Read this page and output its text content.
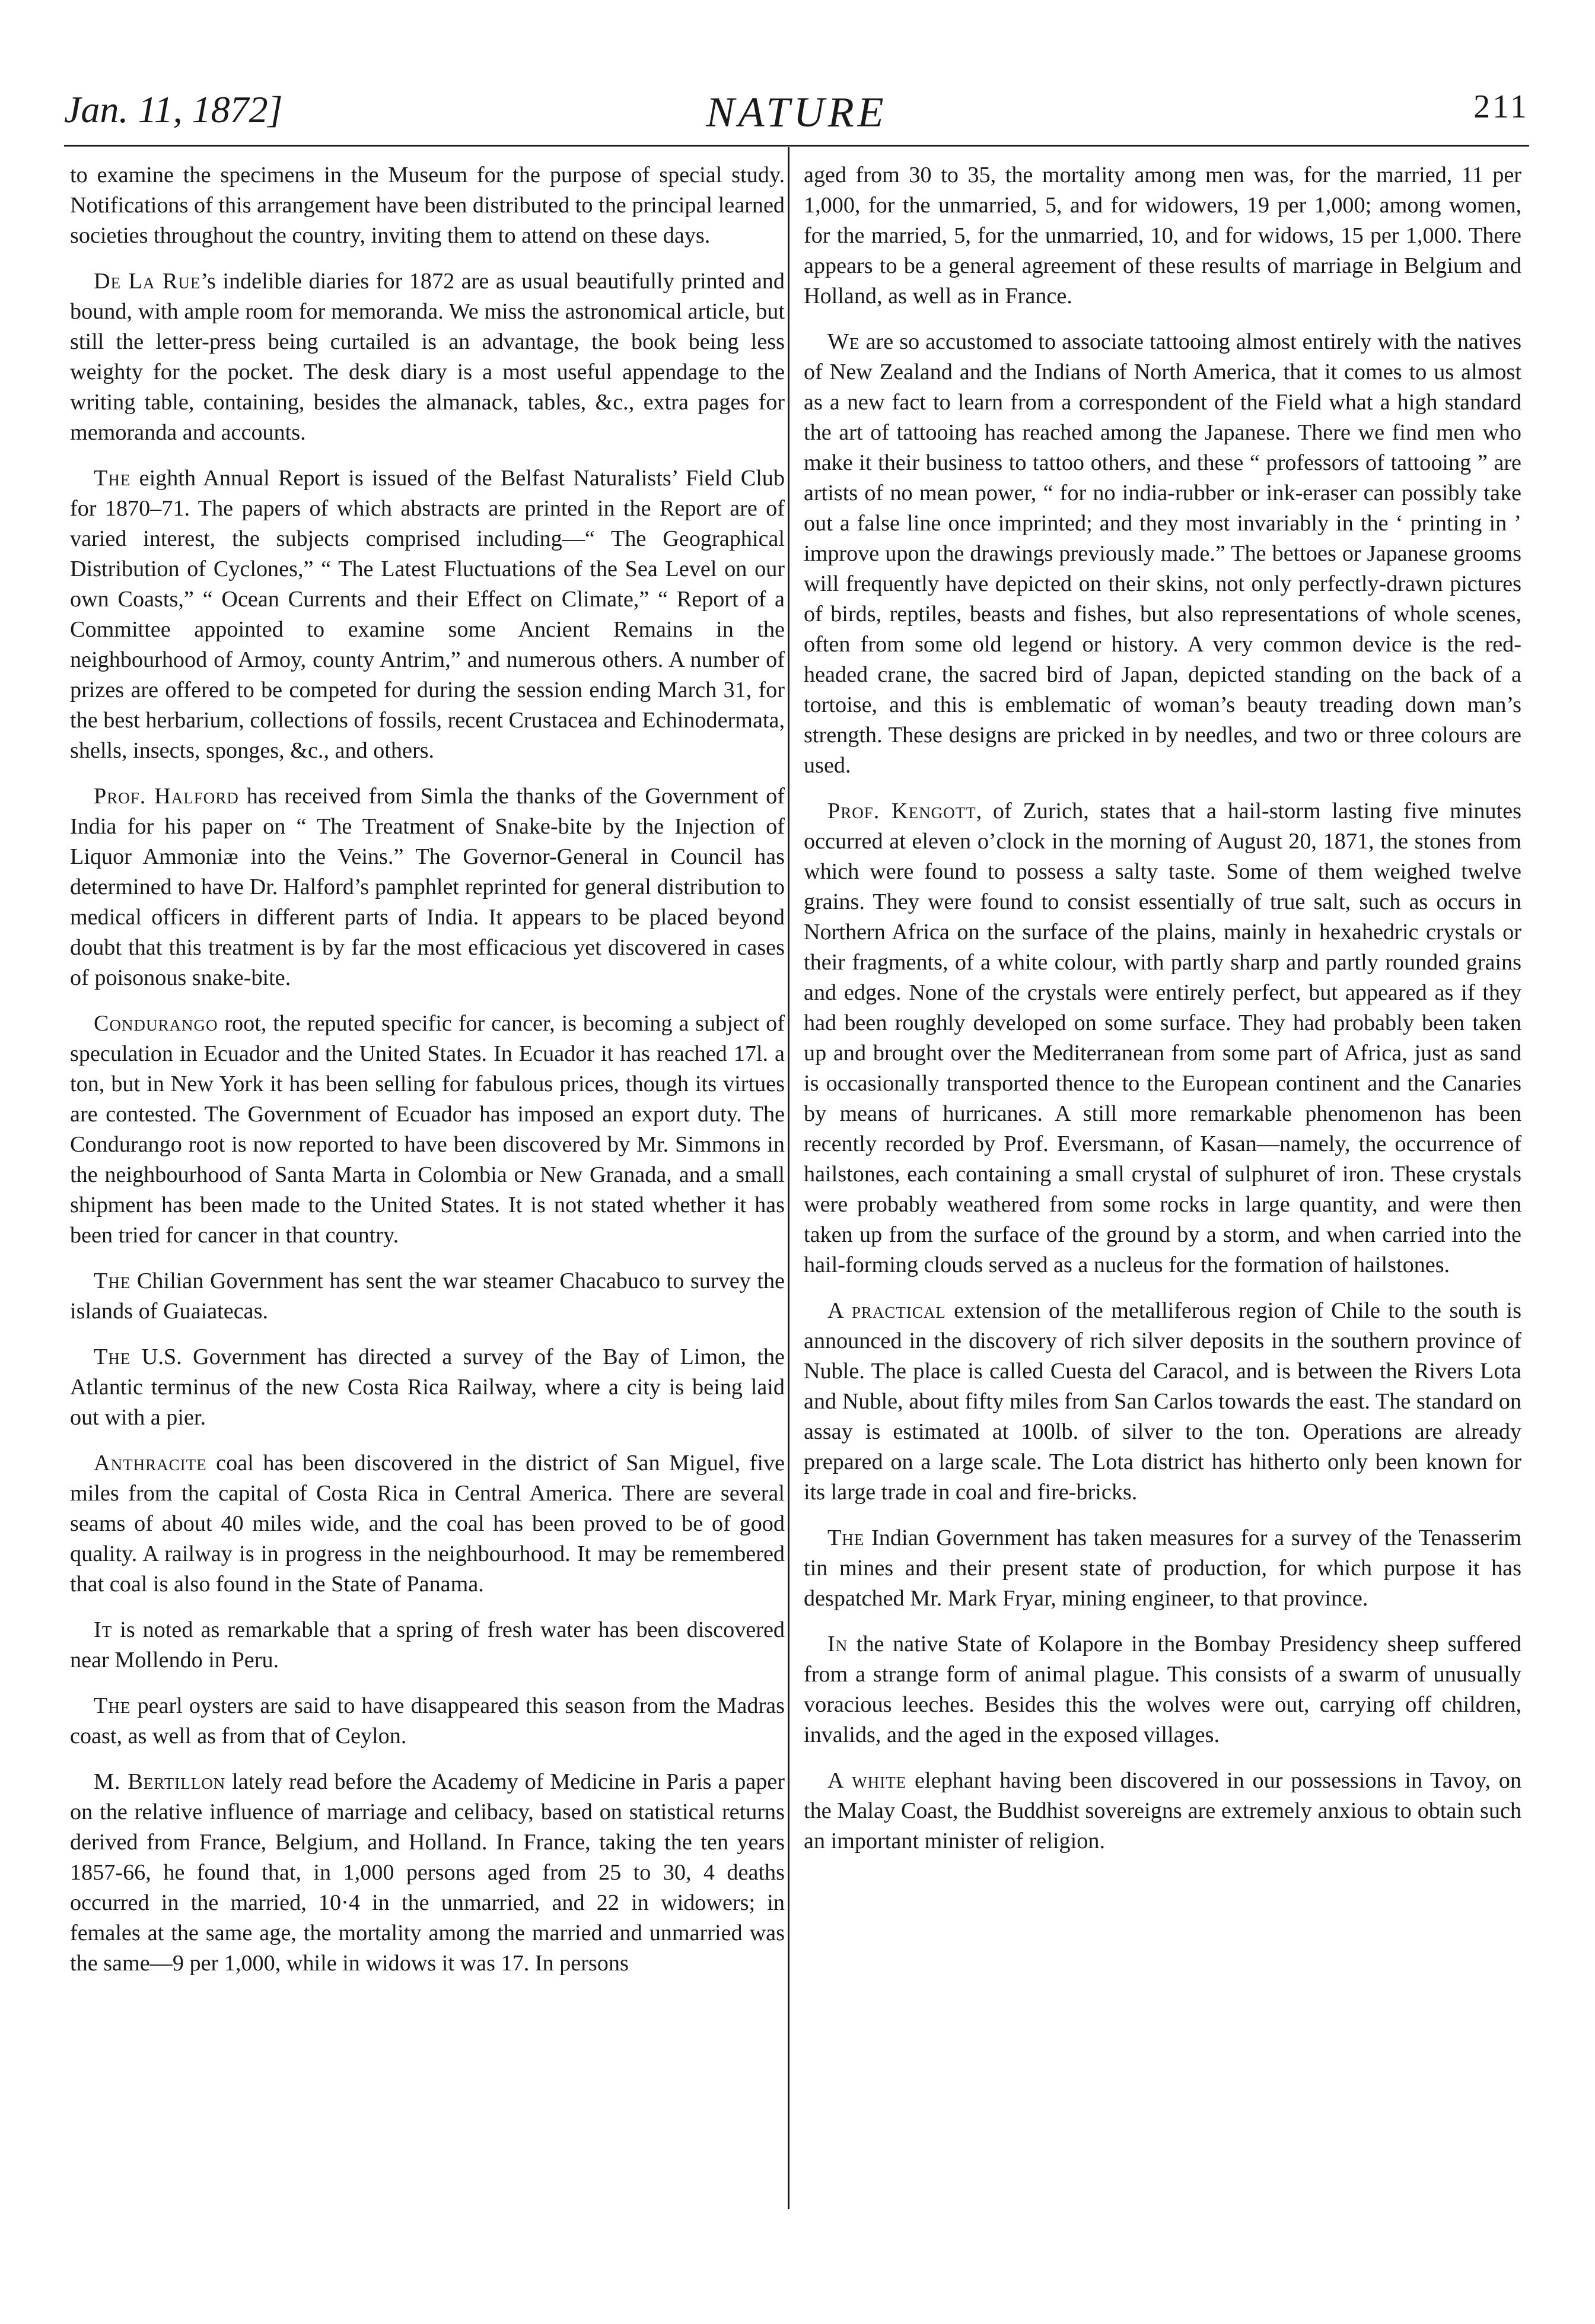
Jan. 11, 1872]	NATURE	211

to examine the specimens in the Museum for the purpose of special study. Notifications of this arrangement have been distributed to the principal learned societies throughout the country, inviting them to attend on these days.

De La Rue’s indelible diaries for 1872 are as usual beautifully printed and bound, with ample room for memoranda. We miss the astronomical article, but still the letter-press being curtailed is an advantage, the book being less weighty for the pocket. The desk diary is a most useful appendage to the writing table, containing, besides the almanack, tables, &c., extra pages for memoranda and accounts.

The eighth Annual Report is issued of the Belfast Naturalists’ Field Club for 1870–71. The papers of which abstracts are printed in the Report are of varied interest, the subjects comprised including—“ The Geographical Distribution of Cyclones,” “ The Latest Fluctuations of the Sea Level on our own Coasts,” “ Ocean Currents and their Effect on Climate,” “ Report of a Committee appointed to examine some Ancient Remains in the neighbourhood of Armoy, county Antrim,” and numerous others. A number of prizes are offered to be competed for during the session ending March 31, for the best herbarium, collections of fossils, recent Crustacea and Echinodermata, shells, insects, sponges, &c., and others.

Prof. Halford has received from Simla the thanks of the Government of India for his paper on “ The Treatment of Snake-bite by the Injection of Liquor Ammoniæ into the Veins.” The Governor-General in Council has determined to have Dr. Halford’s pamphlet reprinted for general distribution to medical officers in different parts of India. It appears to be placed beyond doubt that this treatment is by far the most efficacious yet discovered in cases of poisonous snake-bite.

Condurango root, the reputed specific for cancer, is becoming a subject of speculation in Ecuador and the United States. In Ecuador it has reached 17l. a ton, but in New York it has been selling for fabulous prices, though its virtues are contested. The Government of Ecuador has imposed an export duty. The Condurango root is now reported to have been discovered by Mr. Simmons in the neighbourhood of Santa Marta in Colombia or New Granada, and a small shipment has been made to the United States. It is not stated whether it has been tried for cancer in that country.

The Chilian Government has sent the war steamer Chacabuco to survey the islands of Guaiatecas.

The U.S. Government has directed a survey of the Bay of Limon, the Atlantic terminus of the new Costa Rica Railway, where a city is being laid out with a pier.

Anthracite coal has been discovered in the district of San Miguel, five miles from the capital of Costa Rica in Central America. There are several seams of about 40 miles wide, and the coal has been proved to be of good quality. A railway is in progress in the neighbourhood. It may be remembered that coal is also found in the State of Panama.

It is noted as remarkable that a spring of fresh water has been discovered near Mollendo in Peru.

The pearl oysters are said to have disappeared this season from the Madras coast, as well as from that of Ceylon.

M. Bertillon lately read before the Academy of Medicine in Paris a paper on the relative influence of marriage and celibacy, based on statistical returns derived from France, Belgium, and Holland. In France, taking the ten years 1857-66, he found that, in 1,000 persons aged from 25 to 30, 4 deaths occurred in the married, 10·4 in the unmarried, and 22 in widowers; in females at the same age, the mortality among the married and unmarried was the same—9 per 1,000, while in widows it was 17. In persons

aged from 30 to 35, the mortality among men was, for the married, 11 per 1,000, for the unmarried, 5, and for widowers, 19 per 1,000; among women, for the married, 5, for the unmarried, 10, and for widows, 15 per 1,000. There appears to be a general agreement of these results of marriage in Belgium and Holland, as well as in France.

We are so accustomed to associate tattooing almost entirely with the natives of New Zealand and the Indians of North America, that it comes to us almost as a new fact to learn from a correspondent of the Field what a high standard the art of tattooing has reached among the Japanese. There we find men who make it their business to tattoo others, and these “ professors of tattooing ” are artists of no mean power, “ for no india-rubber or ink-eraser can possibly take out a false line once imprinted; and they most invariably in the ‘ printing in ’ improve upon the drawings previously made.” The bettoes or Japanese grooms will frequently have depicted on their skins, not only perfectly-drawn pictures of birds, reptiles, beasts and fishes, but also representations of whole scenes, often from some old legend or history. A very common device is the red-headed crane, the sacred bird of Japan, depicted standing on the back of a tortoise, and this is emblematic of woman’s beauty treading down man’s strength. These designs are pricked in by needles, and two or three colours are used.

Prof. Kengott, of Zurich, states that a hail-storm lasting five minutes occurred at eleven o’clock in the morning of August 20, 1871, the stones from which were found to possess a salty taste. Some of them weighed twelve grains. They were found to consist essentially of true salt, such as occurs in Northern Africa on the surface of the plains, mainly in hexahedric crystals or their fragments, of a white colour, with partly sharp and partly rounded grains and edges. None of the crystals were entirely perfect, but appeared as if they had been roughly developed on some surface. They had probably been taken up and brought over the Mediterranean from some part of Africa, just as sand is occasionally transported thence to the European continent and the Canaries by means of hurricanes. A still more remarkable phenomenon has been recently recorded by Prof. Eversmann, of Kasan—namely, the occurrence of hailstones, each containing a small crystal of sulphuret of iron. These crystals were probably weathered from some rocks in large quantity, and were then taken up from the surface of the ground by a storm, and when carried into the hail-forming clouds served as a nucleus for the formation of hailstones.

A practical extension of the metalliferous region of Chile to the south is announced in the discovery of rich silver deposits in the southern province of Nuble. The place is called Cuesta del Caracol, and is between the Rivers Lota and Nuble, about fifty miles from San Carlos towards the east. The standard on assay is estimated at 100lb. of silver to the ton. Operations are already prepared on a large scale. The Lota district has hitherto only been known for its large trade in coal and fire-bricks.

The Indian Government has taken measures for a survey of the Tenasserim tin mines and their present state of production, for which purpose it has despatched Mr. Mark Fryar, mining engineer, to that province.

In the native State of Kolapore in the Bombay Presidency sheep suffered from a strange form of animal plague. This consists of a swarm of unusually voracious leeches. Besides this the wolves were out, carrying off children, invalids, and the aged in the exposed villages.

A white elephant having been discovered in our possessions in Tavoy, on the Malay Coast, the Buddhist sovereigns are extremely anxious to obtain such an important minister of religion.
